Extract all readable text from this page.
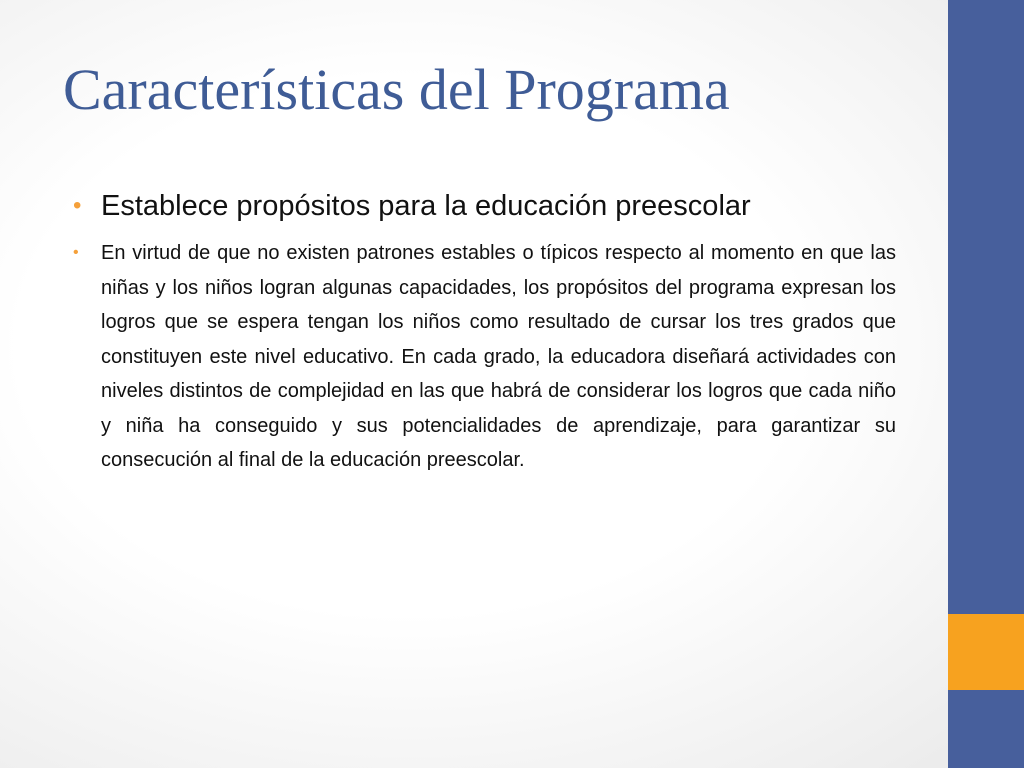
Características del Programa
• Establece propósitos para la educación preescolar
• En virtud de que no existen patrones estables o típicos respecto al momento en que las niñas y los niños logran algunas capacidades, los propósitos del programa expresan los logros que se espera tengan los niños como resultado de cursar los tres grados que constituyen este nivel educativo. En cada grado, la educadora diseñará actividades con niveles distintos de complejidad en las que habrá de considerar los logros que cada niño y niña ha conseguido y sus potencialidades de aprendizaje, para garantizar su consecución al final de la educación preescolar.
